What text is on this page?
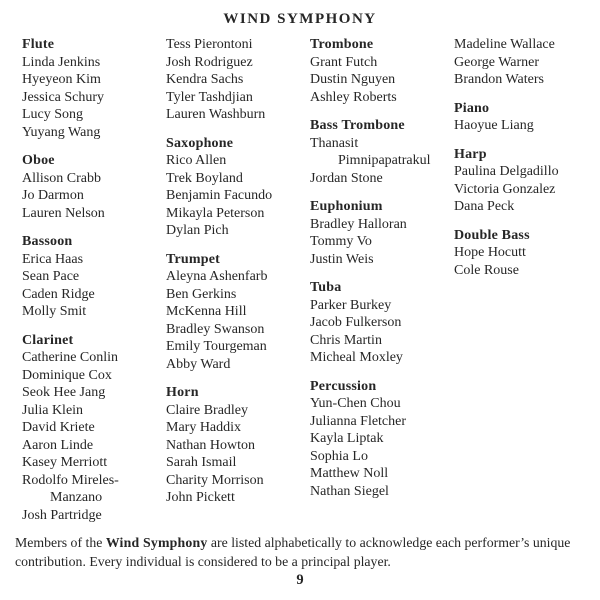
WIND SYMPHONY
Flute
Linda Jenkins
Hyeyeon Kim
Jessica Schury
Lucy Song
Yuyang Wang
Oboe
Allison Crabb
Jo Darmon
Lauren Nelson
Bassoon
Erica Haas
Sean Pace
Caden Ridge
Molly Smit
Clarinet
Catherine Conlin
Dominique Cox
Seok Hee Jang
Julia Klein
David Kriete
Aaron Linde
Kasey Merriott
Rodolfo Mireles-
Manzano
Josh Partridge
Tess Pierontoni
Josh Rodriguez
Kendra Sachs
Tyler Tashdjian
Lauren Washburn
Saxophone
Rico Allen
Trek Boyland
Benjamin Facundo
Mikayla Peterson
Dylan Pich
Trumpet
Aleyna Ashenfarb
Ben Gerkins
McKenna Hill
Bradley Swanson
Emily Tourgeman
Abby Ward
Horn
Claire Bradley
Mary Haddix
Nathan Howton
Sarah Ismail
Charity Morrison
John Pickett
Trombone
Grant Futch
Dustin Nguyen
Ashley Roberts
Bass Trombone
Thanasit
Pimnipapatrakul
Jordan Stone
Euphonium
Bradley Halloran
Tommy Vo
Justin Weis
Tuba
Parker Burkey
Jacob Fulkerson
Chris Martin
Micheal Moxley
Percussion
Yun-Chen Chou
Julianna Fletcher
Kayla Liptak
Sophia Lo
Matthew Noll
Nathan Siegel
Madeline Wallace
George Warner
Brandon Waters
Piano
Haoyue Liang
Harp
Paulina Delgadillo
Victoria Gonzalez
Dana Peck
Double Bass
Hope Hocutt
Cole Rouse
Members of the Wind Symphony are listed alphabetically to acknowledge each performer’s unique contribution. Every individual is considered to be a principal player.
9
